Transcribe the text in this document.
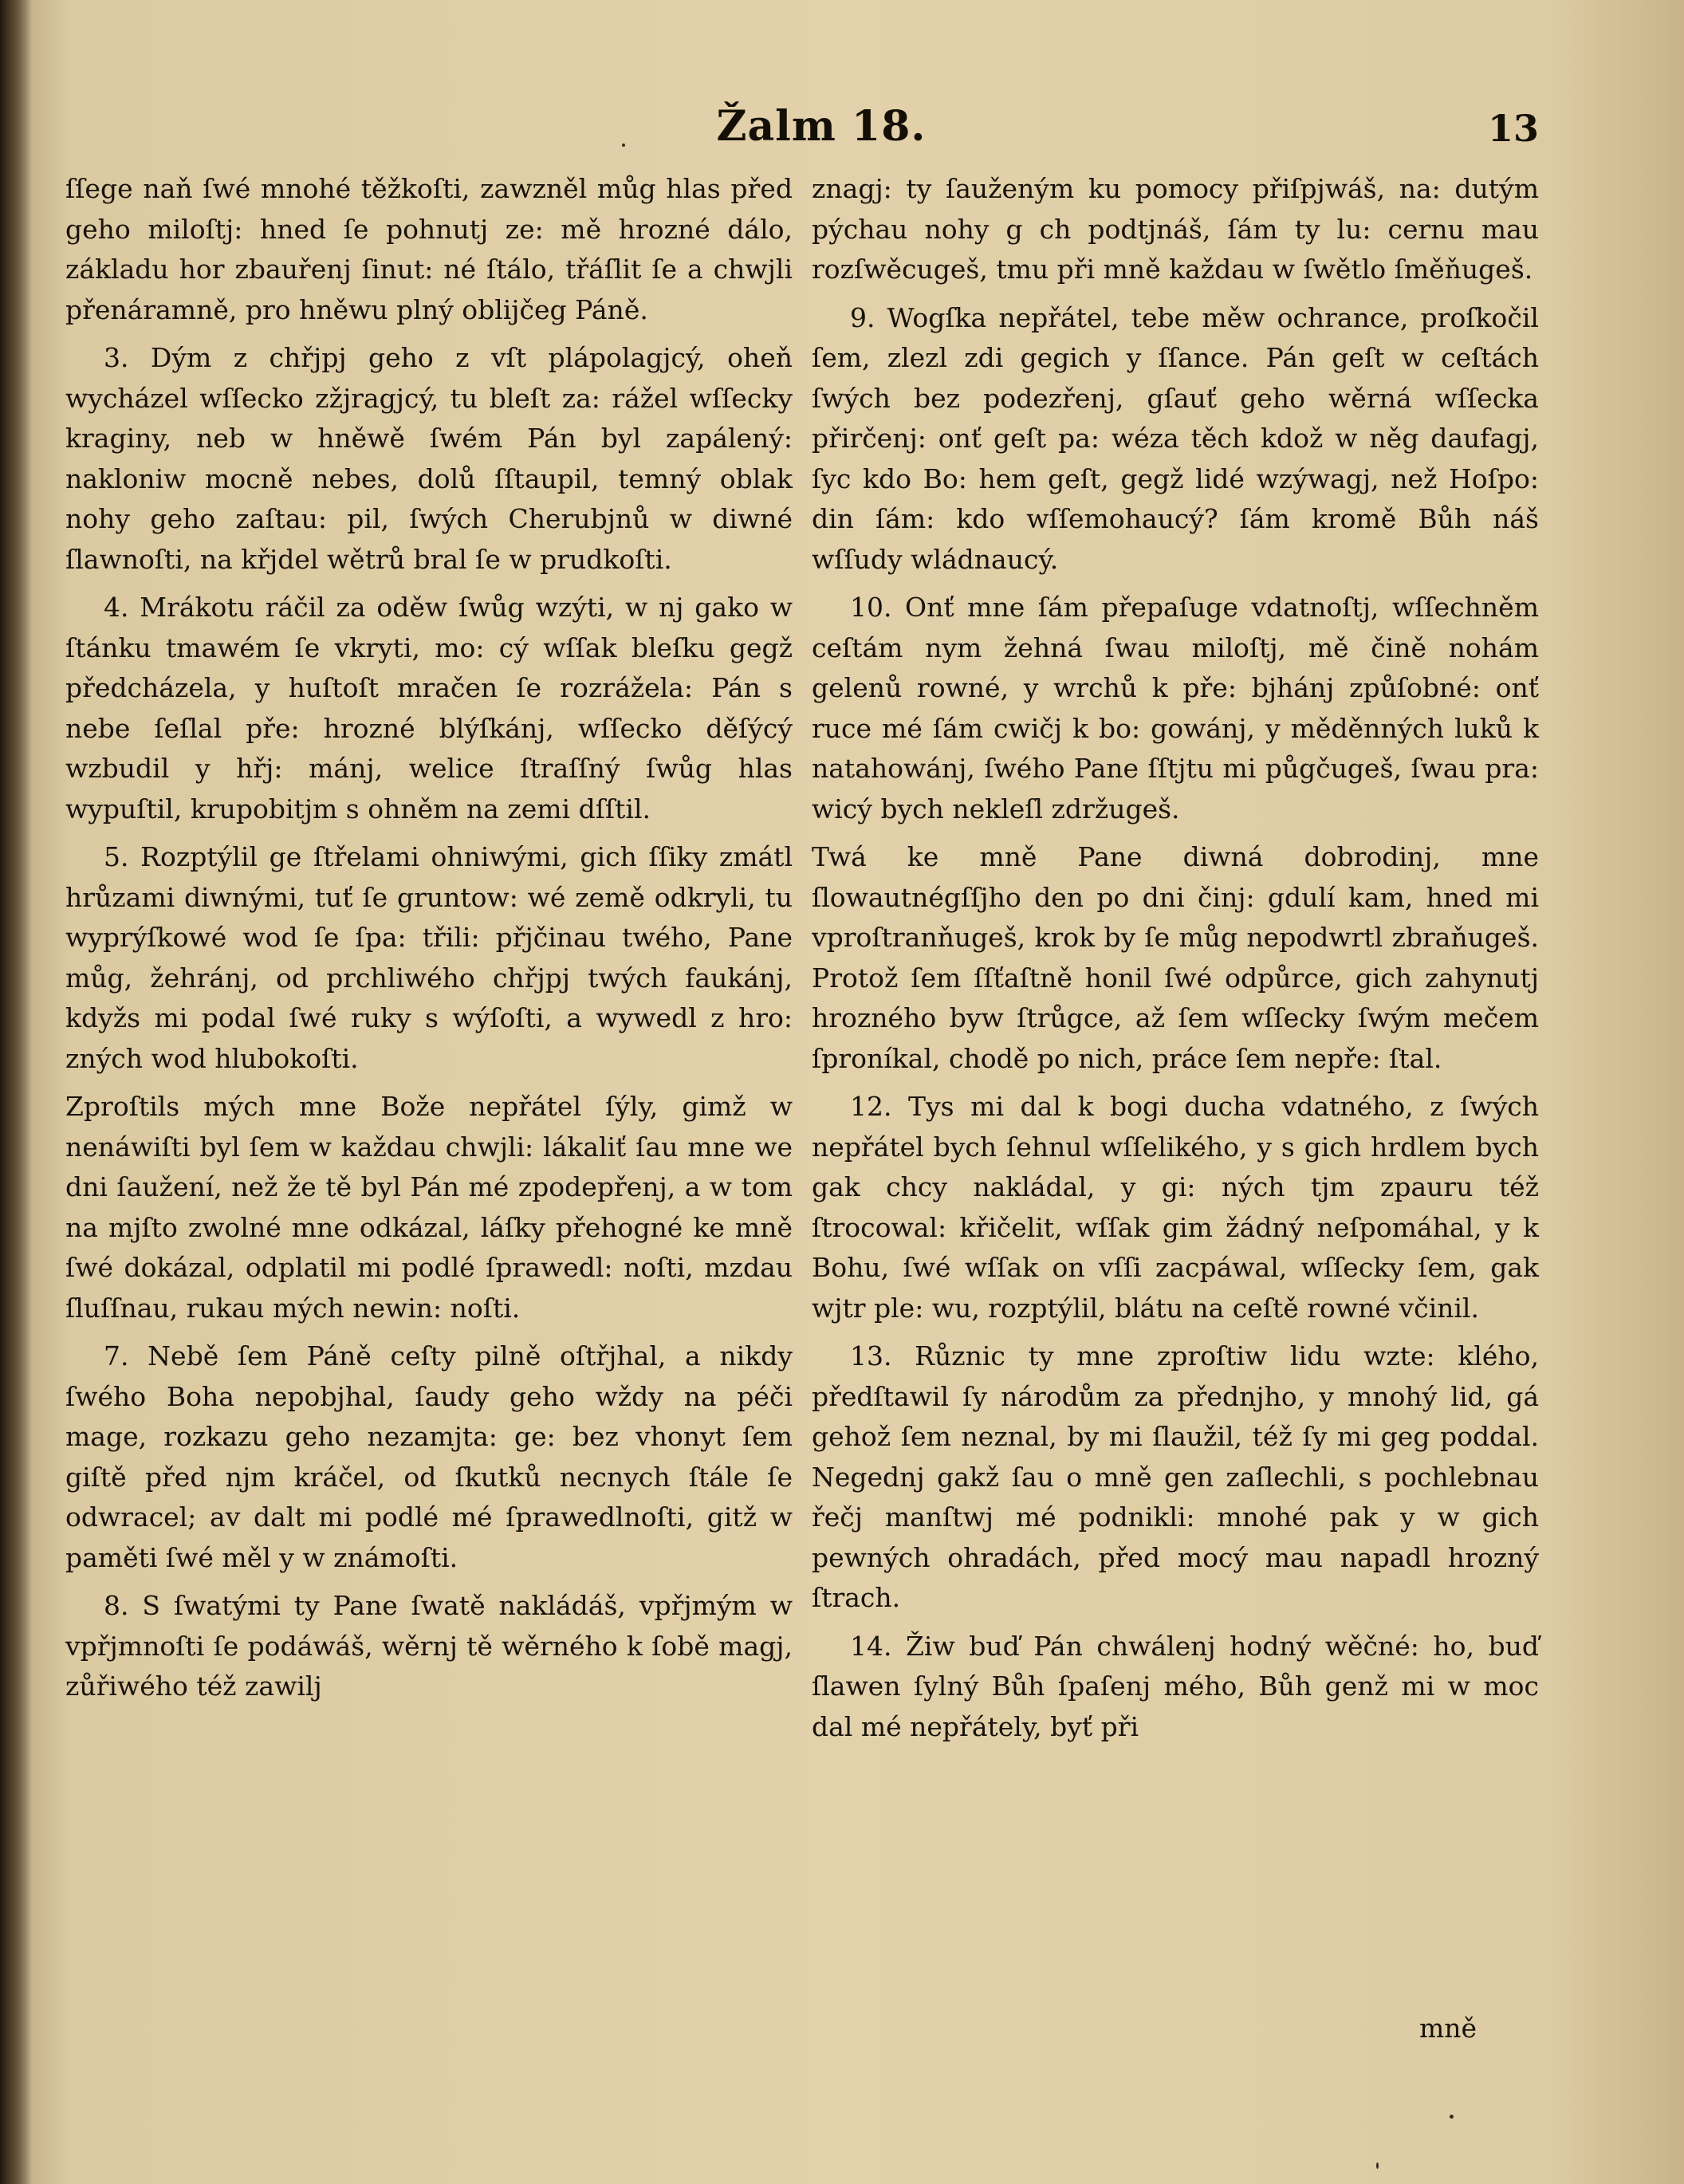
Žalm 18.	13

ſſege naň ſwé mnohé těžkoſti, zawzněl můg hlas před geho miloſtj: hned ſe pohnutj ze: mě hrozné dálo, základu hor zbauřenj ſinut: né ſtálo, třáſlit ſe a chwjli přenáramně, pro hněwu plný oblijčeg Páně.

3. Dým z chřjpj geho z vſt plápolagjcý, oheň wycházel wſſecko zžjragjcý, tu bleſt za: rážel wſſecky kraginy, neb w hněwě ſwém Pán byl zapálený: nakloniw mocně nebes, dolů ſſtaupil, temný oblak nohy geho zaſtau: pil, ſwých Cherubjnů w diwné ſlawnoſti, na křjdel wětrů bral ſe w prudkoſti.

4. Mrákotu ráčil za oděw ſwůg wzýti, w nj gako w ſtánku tmawém ſe vkryti, mo: cý wſſak bleſku gegž předcházela, y huſtoſt mračen ſe rozrážela: Pán s nebe ſeſlal pře: hrozné blýſkánj, wſſecko děſýcý wzbudil y hřj: mánj, welice ſtraſſný ſwůg hlas wypuſtil, krupobitjm s ohněm na zemi dſſtil.

5. Rozptýlil ge ſtřelami ohniwými, gich ſſiky zmátl hrůzami diwnými, tuť ſe gruntow: wé země odkryli, tu wyprýſkowé wod ſe ſpa: třili: přjčinau twého, Pane můg, žehránj, od prchliwého chřjpj twých faukánj, kdyžs mi podal ſwé ruky s wýſoſti, a wywedl z hro: zných wod hlubokoſti.

Zproſtils mých mne Bože nepřátel ſýly, gimž w nenáwiſti byl ſem w každau chwjli: lákaliť ſau mne we dni ſaužení, než že tě byl Pán mé zpodepřenj, a w tom na mjſto zwolné mne odkázal, láſky přehogné ke mně ſwé dokázal, odplatil mi podlé ſprawedl: noſti, mzdau ſluſſnau, rukau mých newin: noſti.

7. Nebě ſem Páně ceſty pilně oſtřjhal, a nikdy ſwého Boha nepobjhal, ſaudy geho wždy na péči mage, rozkazu geho nezamjta: ge: bez vhonyt ſem giſtě před njm kráčel, od ſkutků necnych ſtále ſe odwracel; av dalt mi podlé mé ſprawedlnoſti, gitž w paměti ſwé měl y w známoſti.

8. S ſwatými ty Pane ſwatě nakládáš, vpřjmým w vpřjmnoſti ſe podáwáš, wěrnj tě wěrného k ſobě magj, zůřiwého též zawilj

znagj: ty ſauženým ku pomocy přiſpjwáš, na: dutým pýchau nohy g ch podtjnáš, ſám ty lu: cernu mau rozſwěcugeš, tmu při mně každau w ſwětlo ſměňugeš.

9. Wogſka nepřátel, tebe měw ochrance, proſkočil ſem, zlezl zdi gegich y ſſance. Pán geſt w ceſtách ſwých bez podezřenj, gſauť geho wěrná wſſecka přirčenj: onť geſt pa: wéza těch kdož w něg daufagj, ſyc kdo Bo: hem geſt, gegž lidé wzýwagj, než Hoſpo: din ſám: kdo wſſemohaucý? ſám kromě Bůh náš wſſudy wládnaucý.

10. Onť mne ſám přepaſuge vdatnoſtj, wſſechněm ceſtám nym žehná ſwau miloſtj, mě čině nohám gelenů rowné, y wrchů k pře: bjhánj způſobné: onť ruce mé ſám cwičj k bo: gowánj, y měděnných luků k natahowánj, ſwého Pane ſſtjtu mi půgčugeš, ſwau pra: wicý bych nekleſl zdržugeš.

Twá ke mně Pane diwná dobrodinj, mne ſlowautnégſſjho den po dni činj: gdulí kam, hned mi vproſtranňugeš, krok by ſe můg nepodwrtl zbraňugeš. Protož ſem ſſťaſtně honil ſwé odpůrce, gich zahynutj hrozného byw ſtrůgce, až ſem wſſecky ſwým mečem ſproníkal, chodě po nich, práce ſem nepře: ſtal.

12. Tys mi dal k bogi ducha vdatného, z ſwých nepřátel bych ſehnul wſſelikého, y s gich hrdlem bych gak chcy nakládal, y gi: ných tjm zpauru též ſtrocowal: křičelit, wſſak gim žádný neſpomáhal, y k Bohu, ſwé wſſak on vſſi zacpáwal, wſſecky ſem, gak wjtr ple: wu, rozptýlil, blátu na ceſtě rowné včinil.

13. Různic ty mne zproſtiw lidu wzte: klého, předſtawil ſy národům za přednjho, y mnohý lid, gá gehož ſem neznal, by mi ſlaužil, též ſy mi geg poddal. Negednj gakž ſau o mně gen zaſlechli, s pochlebnau řečj manſtwj mé podnikli: mnohé pak y w gich pewných ohradách, před mocý mau napadl hrozný ſtrach.

14. Žiw buď Pán chwálenj hodný wěčné: ho, buď ſlawen ſylný Bůh ſpaſenj mého, Bůh genž mi w moc dal mé nepřátely, byť při

mně
